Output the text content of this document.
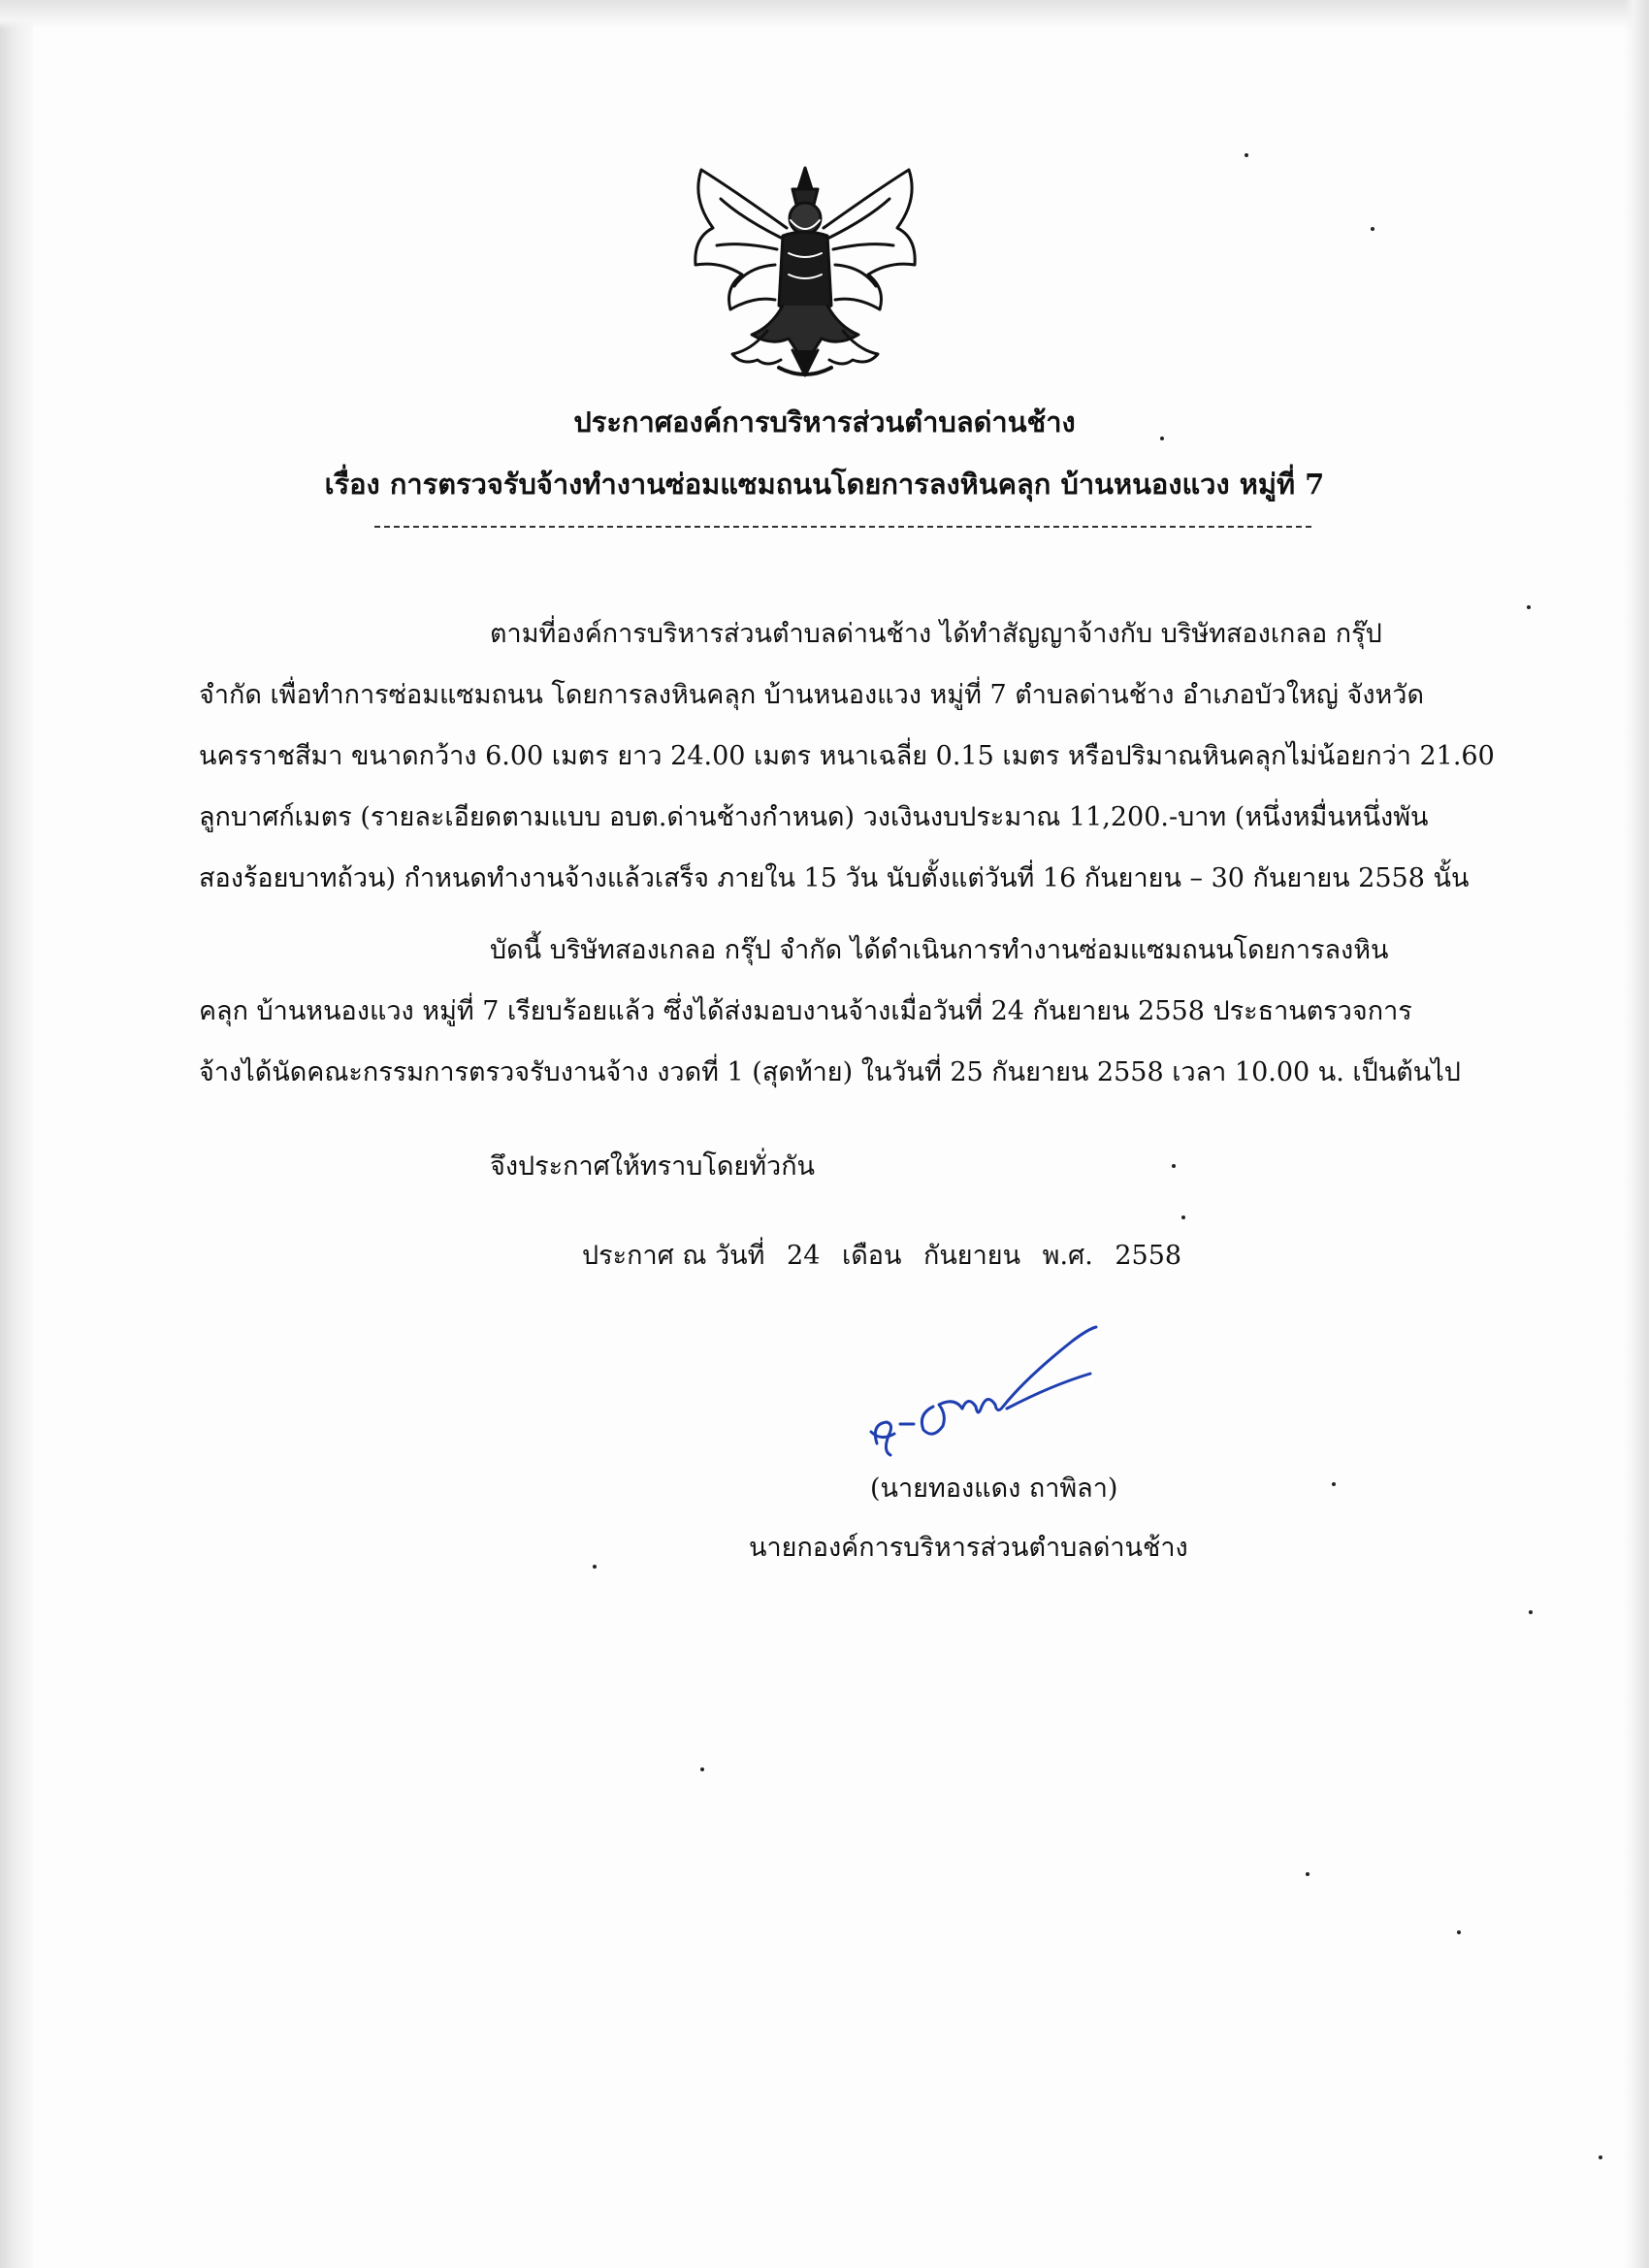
ประกาศองค์การบริหารส่วนตำบลด่านช้าง
เรื่อง การตรวจรับจ้างทำงานซ่อมแซมถนนโดยการลงหินคลุก บ้านหนองแวง หมู่ที่ 7
ตามที่องค์การบริหารส่วนตำบลด่านช้าง ได้ทำสัญญาจ้างกับ บริษัทสองเกลอ กรุ๊ป
จำกัด เพื่อทำการซ่อมแซมถนน โดยการลงหินคลุก บ้านหนองแวง หมู่ที่ 7 ตำบลด่านช้าง อำเภอบัวใหญ่ จังหวัด
นครราชสีมา ขนาดกว้าง 6.00 เมตร ยาว 24.00 เมตร หนาเฉลี่ย 0.15 เมตร หรือปริมาณหินคลุกไม่น้อยกว่า 21.60
ลูกบาศก์เมตร (รายละเอียดตามแบบ อบต.ด่านช้างกำหนด) วงเงินงบประมาณ 11,200.-บาท (หนึ่งหมื่นหนึ่งพัน
สองร้อยบาทถ้วน) กำหนดทำงานจ้างแล้วเสร็จ ภายใน 15 วัน นับตั้งแต่วันที่ 16 กันยายน – 30 กันยายน 2558 นั้น
บัดนี้ บริษัทสองเกลอ กรุ๊ป จำกัด ได้ดำเนินการทำงานซ่อมแซมถนนโดยการลงหิน
คลุก บ้านหนองแวง หมู่ที่ 7 เรียบร้อยแล้ว ซึ่งได้ส่งมอบงานจ้างเมื่อวันที่ 24 กันยายน 2558 ประธานตรวจการ
จ้างได้นัดคณะกรรมการตรวจรับงานจ้าง งวดที่ 1 (สุดท้าย) ในวันที่ 25 กันยายน 2558 เวลา 10.00 น. เป็นต้นไป
จึงประกาศให้ทราบโดยทั่วกัน
ประกาศ ณ วันที่ 24 เดือน กันยายน พ.ศ. 2558
(นายทองแดง ถาพิลา)
นายกองค์การบริหารส่วนตำบลด่านช้าง
